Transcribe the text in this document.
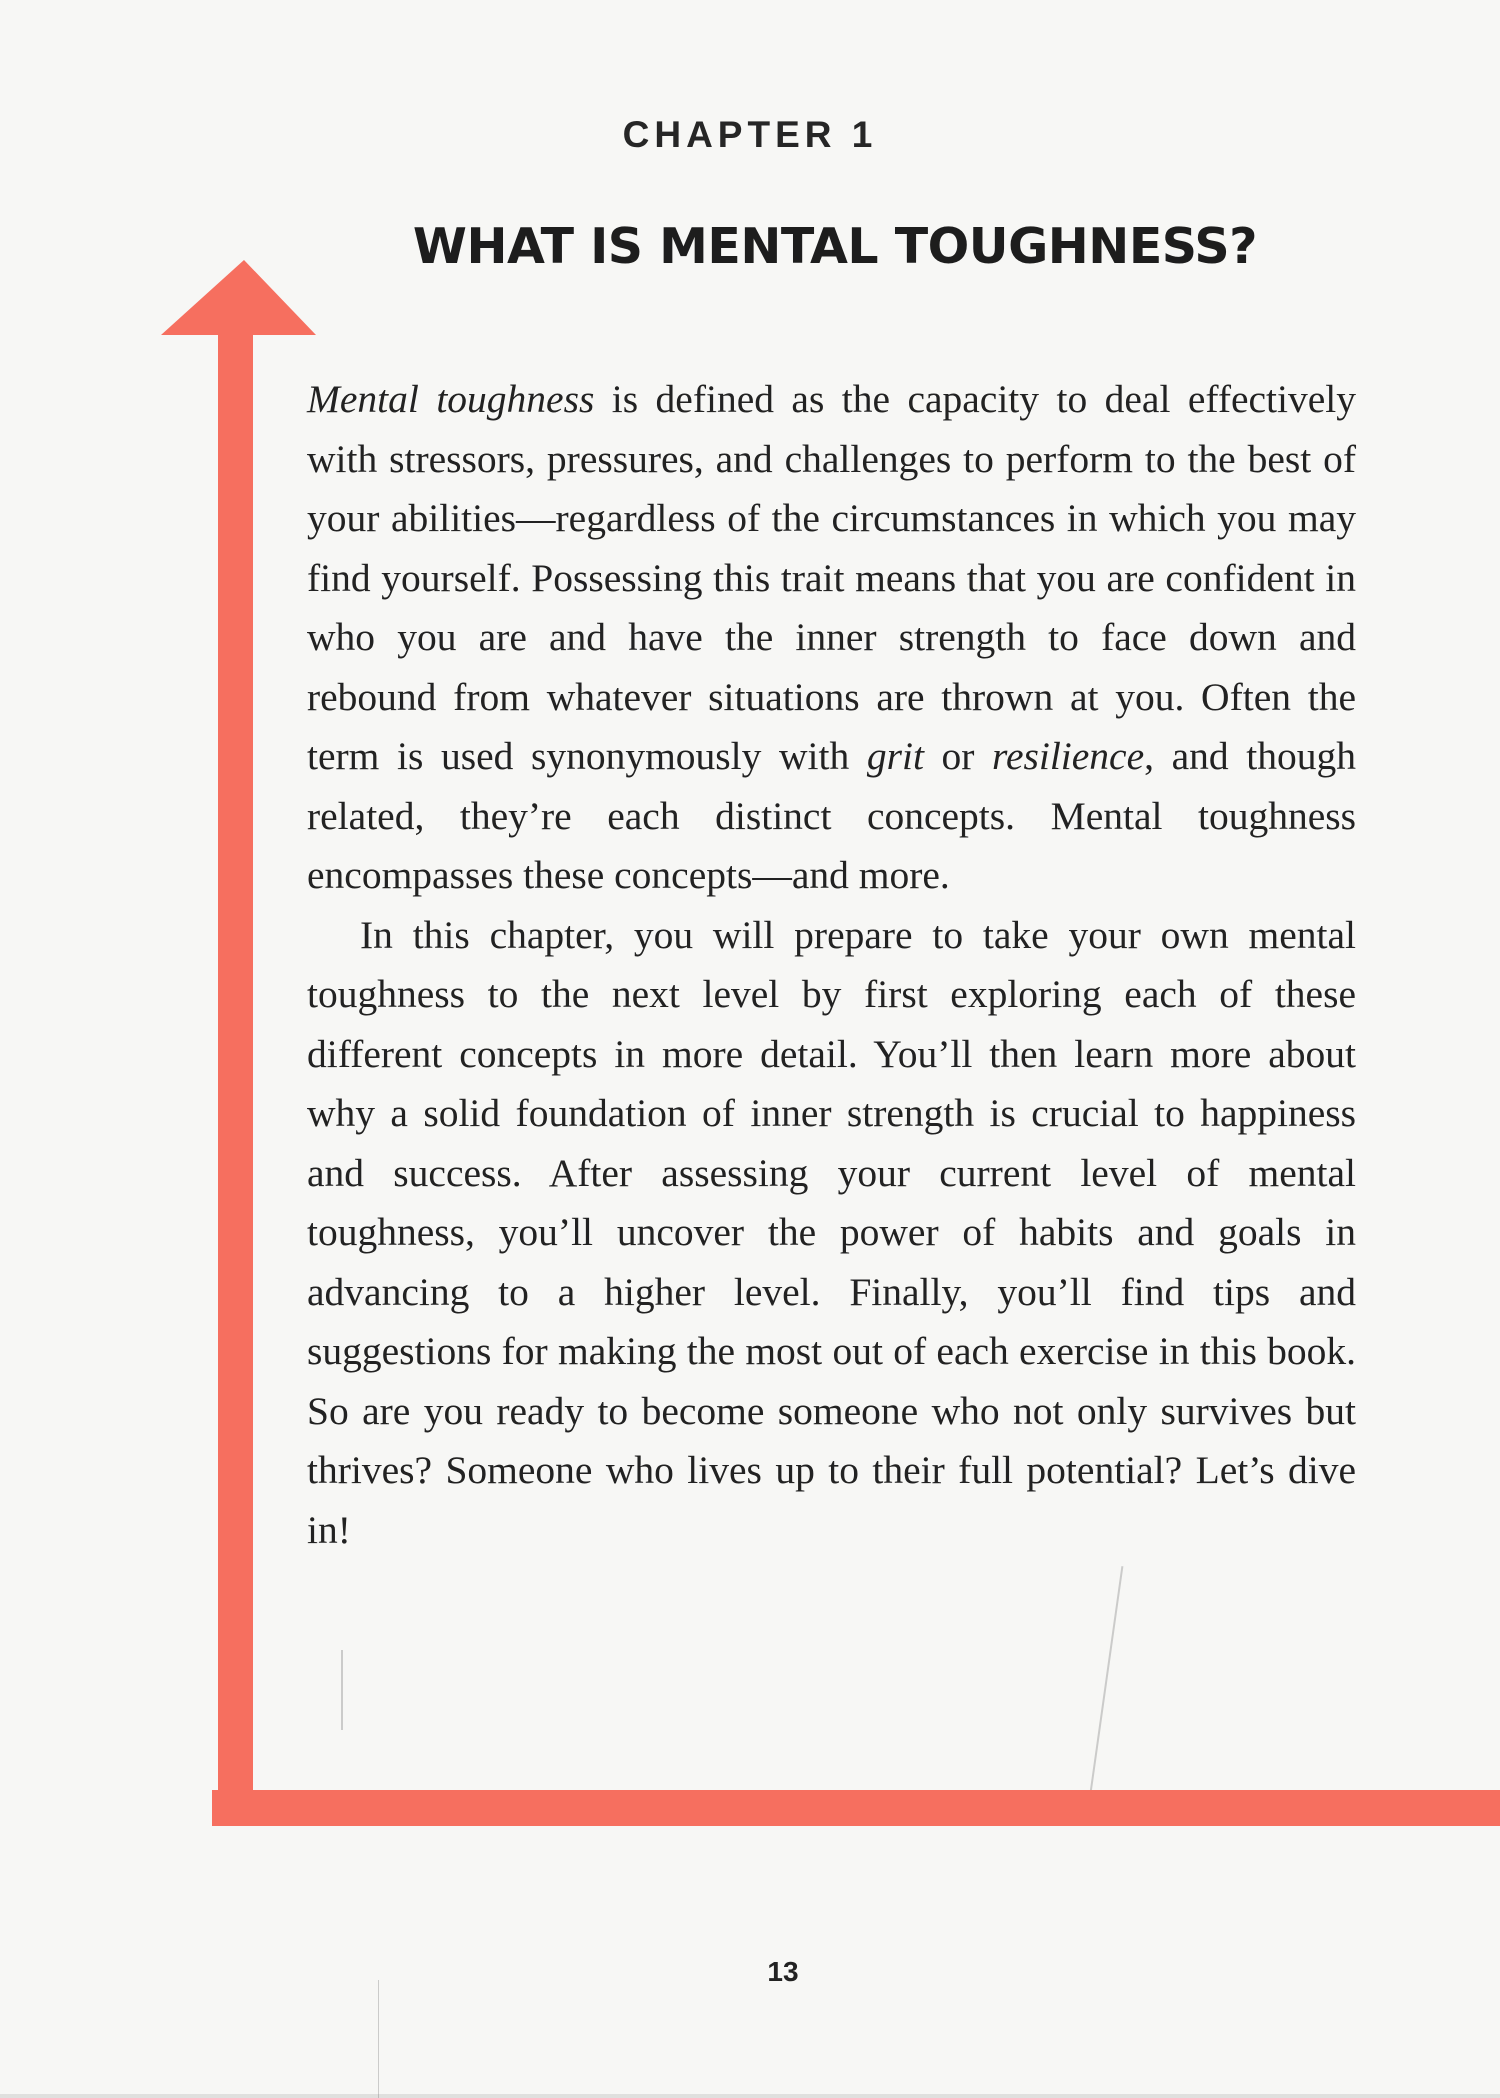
CHAPTER 1
WHAT IS MENTAL TOUGHNESS?

Mental toughness is defined as the capacity to deal effectively with stressors, pressures, and challenges to perform to the best of your abilities—regardless of the circumstances in which you may find yourself. Possessing this trait means that you are confident in who you are and have the inner strength to face down and rebound from whatever situations are thrown at you. Often the term is used synonymously with grit or resilience, and though related, they’re each distinct concepts. Mental toughness encompasses these concepts—and more.

In this chapter, you will prepare to take your own mental toughness to the next level by first exploring each of these different concepts in more detail. You’ll then learn more about why a solid foundation of inner strength is crucial to happiness and success. After assessing your current level of mental toughness, you’ll uncover the power of habits and goals in advancing to a higher level. Finally, you’ll find tips and suggestions for making the most out of each exercise in this book. So are you ready to become someone who not only survives but thrives? Someone who lives up to their full potential? Let’s dive in!

13
